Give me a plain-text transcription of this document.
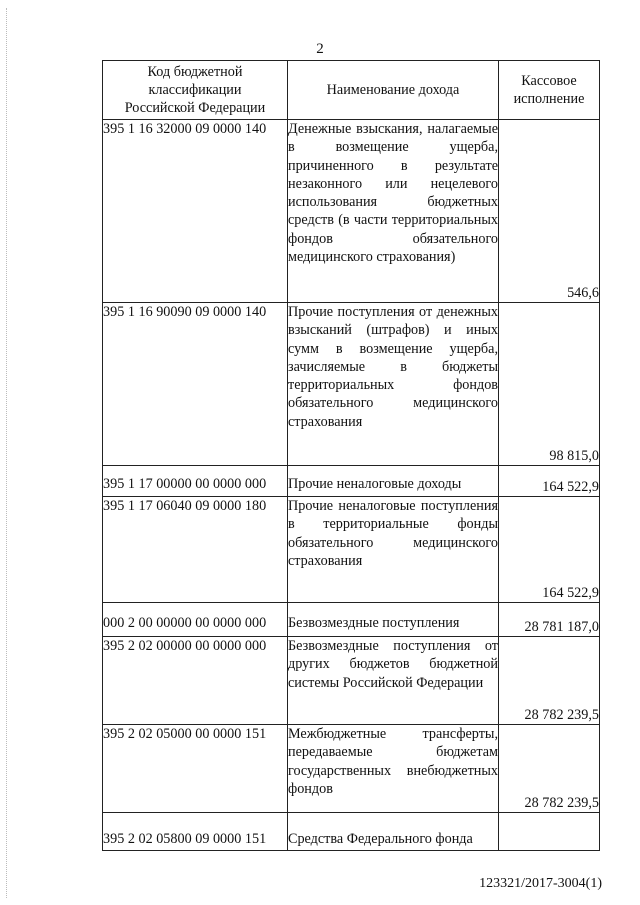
2
Код бюджетной классификации Российской Федерации	Наименование дохода	Кассовое исполнение
395 1 16 32000 09 0000 140	Денежные взыскания, налагаемые в возмещение ущерба, причиненного в результате незаконного или нецелевого использования бюджетных средств (в части территориальных фондов обязательного медицинского страхования)	546,6
395 1 16 90090 09 0000 140	Прочие поступления от денежных взысканий (штрафов) и иных сумм в возмещение ущерба, зачисляемые в бюджеты территориальных фондов обязательного медицинского страхования	98 815,0
395 1 17 00000 00 0000 000	Прочие неналоговые доходы	164 522,9
395 1 17 06040 09 0000 180	Прочие неналоговые поступления в территориальные фонды обязательного медицинского страхования	164 522,9
000 2 00 00000 00 0000 000	Безвозмездные поступления	28 781 187,0
395 2 02 00000 00 0000 000	Безвозмездные поступления от других бюджетов бюджетной системы Российской Федерации	28 782 239,5
395 2 02 05000 00 0000 151	Межбюджетные трансферты, передаваемые бюджетам государственных внебюджетных фондов	28 782 239,5
395 2 02 05800 09 0000 151	Средства Федерального фонда	
123321/2017-3004(1)
